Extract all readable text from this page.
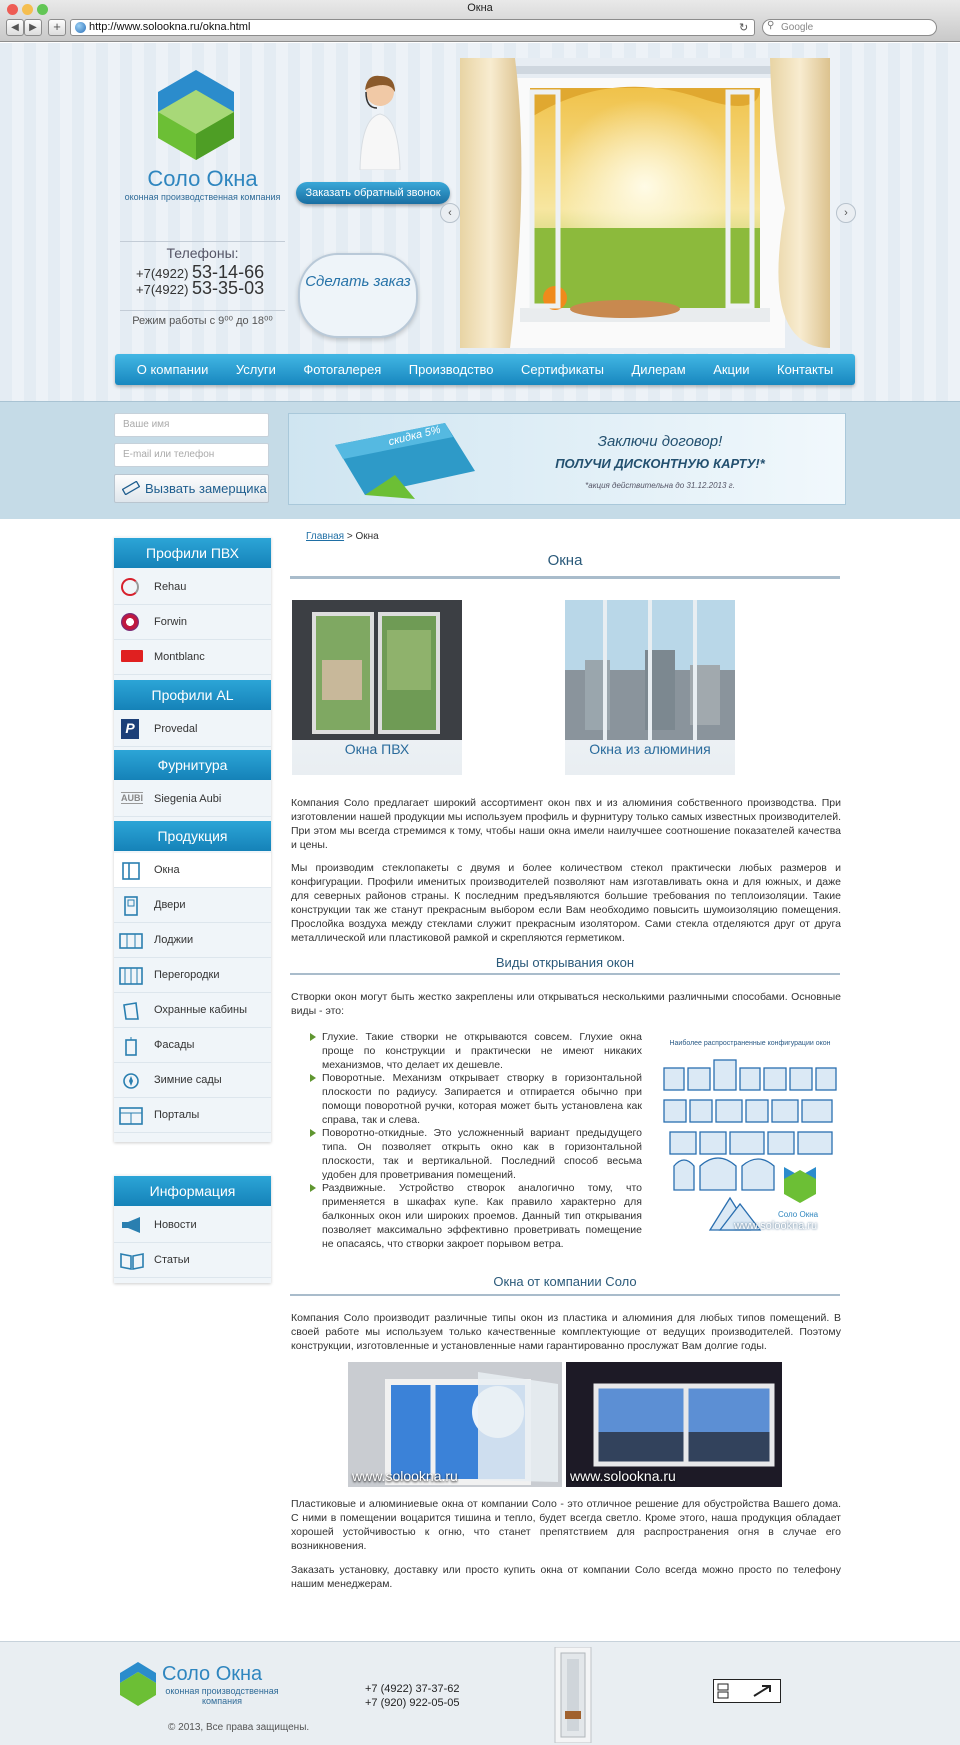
Окна
◀	▶	+	http://www.solookna.ru/okna.html	↻	Google
⚲
Соло Окна
оконная производственная компания
Телефоны:
+7(4922) 53-14-66
+7(4922) 53-35-03
Режим работы с 9⁰⁰ до 18⁰⁰
Заказать обратный звонок
Сделать заказ
‹	›
О компании Услуги Фотогалерея Производство Сертификаты Дилерам Акции Контакты
Ваше имя
E-mail или телефон
Вызвать замерщика
скидка 5%	Заключи договор!
ПОЛУЧИ ДИСКОНТНУЮ КАРТУ!*
*акция действительна до 31.12.2013 г.
Профили ПВХ
Rehau
Forwin
Montblanc
Профили AL
Provedal
Фурнитура
Siegenia Aubi
Продукция
Окна
Двери
Лоджии
Перегородки
Охранные кабины
Фасады
Зимние сады
Порталы
P
AUBI
Информация
Новости
Статьи
Главная > Окна
Окна
Окна ПВХ	Окна из алюминия
Компания Соло предлагает широкий ассортимент окон пвх и из алюминия собственного производства. При изготовлении нашей продукции мы используем профиль и фурнитуру только самых известных производителей. При этом мы всегда стремимся к тому, чтобы наши окна имели наилучшее соотношение показателей качества и цены.
Мы производим стеклопакеты с двумя и более количеством стекол практически любых размеров и конфигурации. Профили именитых производителей позволяют нам изготавливать окна и для южных, и даже для северных районов страны. К последним предъявляются большие требования по теплоизоляции. Такие конструкции так же станут прекрасным выбором если Вам необходимо повысить шумоизоляцию помещения. Прослойка воздуха между стеклами служит прекрасным изолятором. Сами стекла отделяются друг от друга металлической или пластиковой рамкой и скрепляются герметиком.
Виды открывания окон
Створки окон могут быть жестко закреплены или открываться несколькими различными способами. Основные виды - это:
Глухие. Такие створки не открываются совсем. Глухие окна проще по конструкции и практически не имеют никаких механизмов, что делает их дешевле.
Поворотные. Механизм открывает створку в горизонтальной плоскости по радиусу. Запирается и отпирается обычно при помощи поворотной ручки, которая может быть установлена как справа, так и слева.
Поворотно-откидные. Это усложненный вариант предыдущего типа. Он позволяет открыть окно как в горизонтальной плоскости, так и вертикальной. Последний способ весьма удобен для проветривания помещений.
Раздвижные. Устройство створок аналогично тому, что применяется в шкафах купе. Как правило характерно для балконных окон или широких проемов. Данный тип открывания позволяет максимально эффективно проветривать помещение не опасаясь, что створки закроет порывом ветра.
Наиболее распространенные конфигурации окон
Соло Окна
www.solookna.ru
Окна от компании Соло
Компания Соло производит различные типы окон из пластика и алюминия для любых типов помещений. В своей работе мы используем только качественные комплектующие от ведущих производителей. Поэтому конструкции, изготовленные и установленные нами гарантированно прослужат Вам долгие годы.
www.solookna.ru	www.solookna.ru
Пластиковые и алюминиевые окна от компании Соло - это отличное решение для обустройства Вашего дома. С ними в помещении воцарится тишина и тепло, будет всегда светло. Кроме этого, наша продукция обладает хорошей устойчивостью к огню, что станет препятствием для распространения огня в случае его возникновения.
Заказать установку, доставку или просто купить окна от компании Соло всегда можно просто по телефону нашим менеджерам.
Соло Окна
оконная производственная компания
© 2013, Все права защищены.
+7 (4922) 37-37-62
+7 (920) 922-05-05
